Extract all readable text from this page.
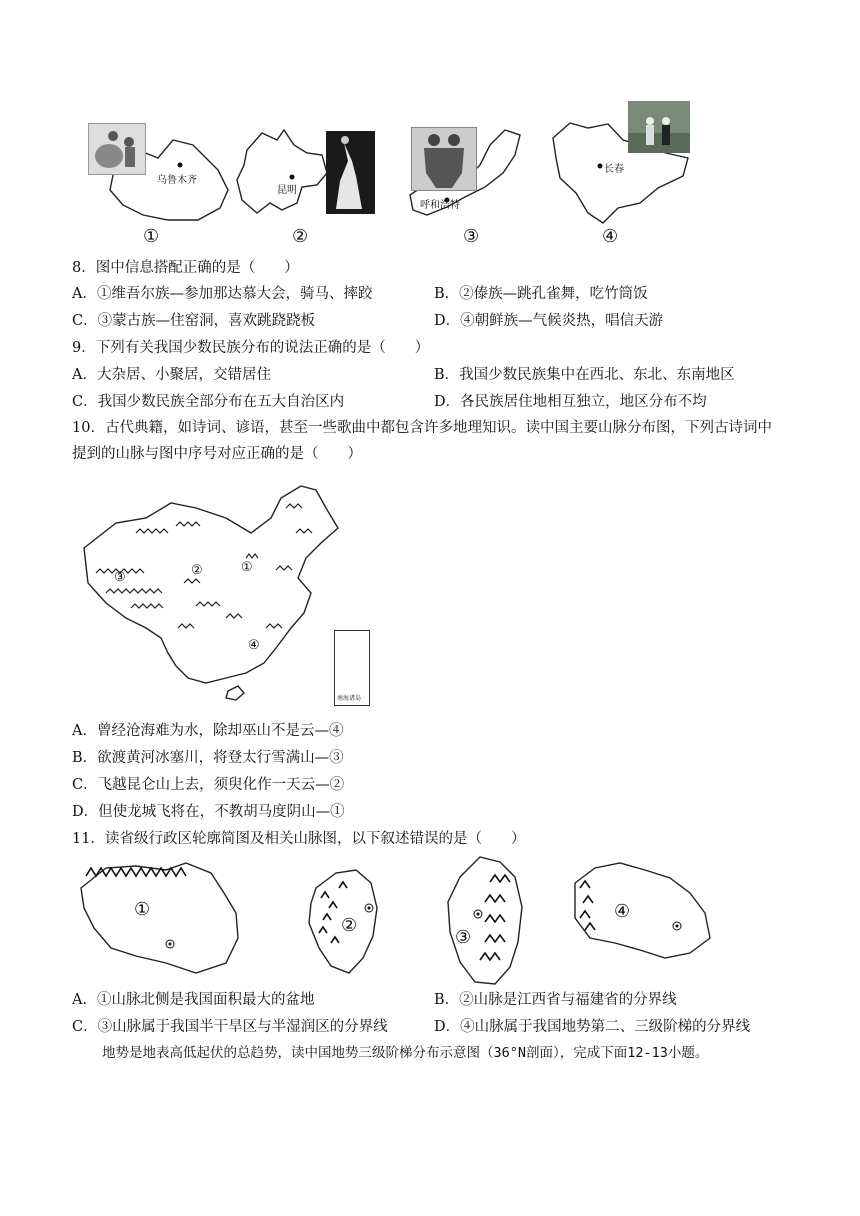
乌鲁木齐
①
昆明
②
呼和浩特
③
长春
④
8．图中信息搭配正确的是（　　）
A．①维吾尔族—参加那达慕大会，骑马、摔跤	B．②傣族—跳孔雀舞，吃竹筒饭
C．③蒙古族—住窑洞，喜欢跳跷跷板	D．④朝鲜族—气候炎热，唱信天游
9．下列有关我国少数民族分布的说法正确的是（　　）
A．大杂居、小聚居，交错居住	B．我国少数民族集中在西北、东北、东南地区
C．我国少数民族全部分布在五大自治区内	D．各民族居住地相互独立，地区分布不均
10．古代典籍，如诗词、谚语，甚至一些歌曲中都包含许多地理知识。读中国主要山脉分布图，下列古诗词中
提到的山脉与图中序号对应正确的是（　　）
①
②
③
④
南海诸岛
A．曾经沧海难为水，除却巫山不是云—④
B．欲渡黄河冰塞川，将登太行雪满山—③
C．飞越昆仑山上去，须臾化作一天云—②
D．但使龙城飞将在，不教胡马度阴山—①
11．读省级行政区轮廓简图及相关山脉图，以下叙述错误的是（　　）
①
②
③
④
A．①山脉北侧是我国面积最大的盆地	B．②山脉是江西省与福建省的分界线
C．③山脉属于我国半干旱区与半湿润区的分界线	D．④山脉属于我国地势第二、三级阶梯的分界线
地势是地表高低起伏的总趋势，读中国地势三级阶梯分布示意图（36°N剖面），完成下面12-13小题。
